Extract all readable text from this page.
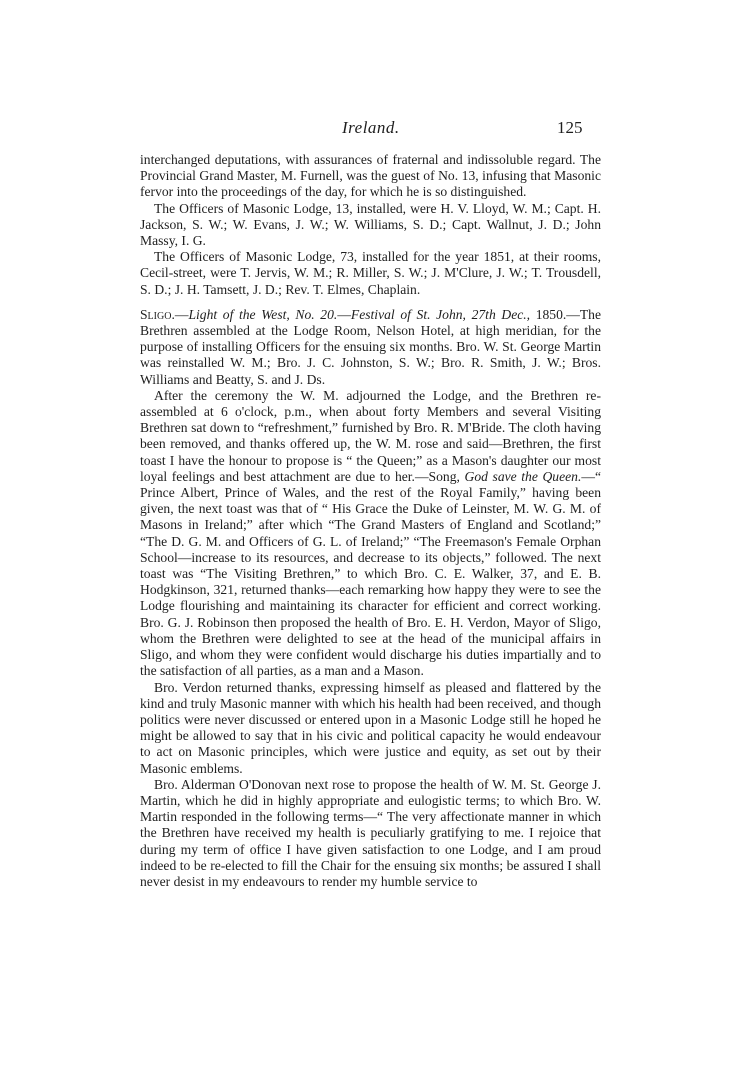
Ireland.	125

interchanged deputations, with assurances of fraternal and indissoluble regard. The Provincial Grand Master, M. Furnell, was the guest of No. 13, infusing that Masonic fervor into the proceedings of the day, for which he is so distinguished.

The Officers of Masonic Lodge, 13, installed, were H. V. Lloyd, W. M.; Capt. H. Jackson, S. W.; W. Evans, J. W.; W. Williams, S. D.; Capt. Wallnut, J. D.; John Massy, I. G.

The Officers of Masonic Lodge, 73, installed for the year 1851, at their rooms, Cecil-street, were T. Jervis, W. M.; R. Miller, S. W.; J. M'Clure, J. W.; T. Trousdell, S. D.; J. H. Tamsett, J. D.; Rev. T. Elmes, Chaplain.

Sligo.—Light of the West, No. 20.—Festival of St. John, 27th Dec., 1850.—The Brethren assembled at the Lodge Room, Nelson Hotel, at high meridian, for the purpose of installing Officers for the ensuing six months. Bro. W. St. George Martin was reinstalled W. M.; Bro. J. C. Johnston, S. W.; Bro. R. Smith, J. W.; Bros. Williams and Beatty, S. and J. Ds.

After the ceremony the W. M. adjourned the Lodge, and the Brethren re-assembled at 6 o'clock, p.m., when about forty Members and several Visiting Brethren sat down to “refreshment,” furnished by Bro. R. M'Bride. The cloth having been removed, and thanks offered up, the W. M. rose and said—Brethren, the first toast I have the honour to propose is “ the Queen;” as a Mason's daughter our most loyal feelings and best attachment are due to her.—Song, God save the Queen.—“ Prince Albert, Prince of Wales, and the rest of the Royal Family,” having been given, the next toast was that of “ His Grace the Duke of Leinster, M. W. G. M. of Masons in Ireland;” after which “The Grand Masters of England and Scotland;” “The D. G. M. and Officers of G. L. of Ireland;” “The Freemason's Female Orphan School—increase to its resources, and decrease to its objects,” followed. The next toast was “The Visiting Brethren,” to which Bro. C. E. Walker, 37, and E. B. Hodgkinson, 321, returned thanks—each remarking how happy they were to see the Lodge flourishing and maintaining its character for efficient and correct working. Bro. G. J. Robinson then proposed the health of Bro. E. H. Verdon, Mayor of Sligo, whom the Brethren were delighted to see at the head of the municipal affairs in Sligo, and whom they were confident would discharge his duties impartially and to the satisfaction of all parties, as a man and a Mason.

Bro. Verdon returned thanks, expressing himself as pleased and flattered by the kind and truly Masonic manner with which his health had been received, and though politics were never discussed or entered upon in a Masonic Lodge still he hoped he might be allowed to say that in his civic and political capacity he would endeavour to act on Masonic principles, which were justice and equity, as set out by their Masonic emblems.

Bro. Alderman O'Donovan next rose to propose the health of W. M. St. George J. Martin, which he did in highly appropriate and eulogistic terms; to which Bro. W. Martin responded in the following terms—“ The very affectionate manner in which the Brethren have received my health is peculiarly gratifying to me. I rejoice that during my term of office I have given satisfaction to one Lodge, and I am proud indeed to be re-elected to fill the Chair for the ensuing six months; be assured I shall never desist in my endeavours to render my humble service to
